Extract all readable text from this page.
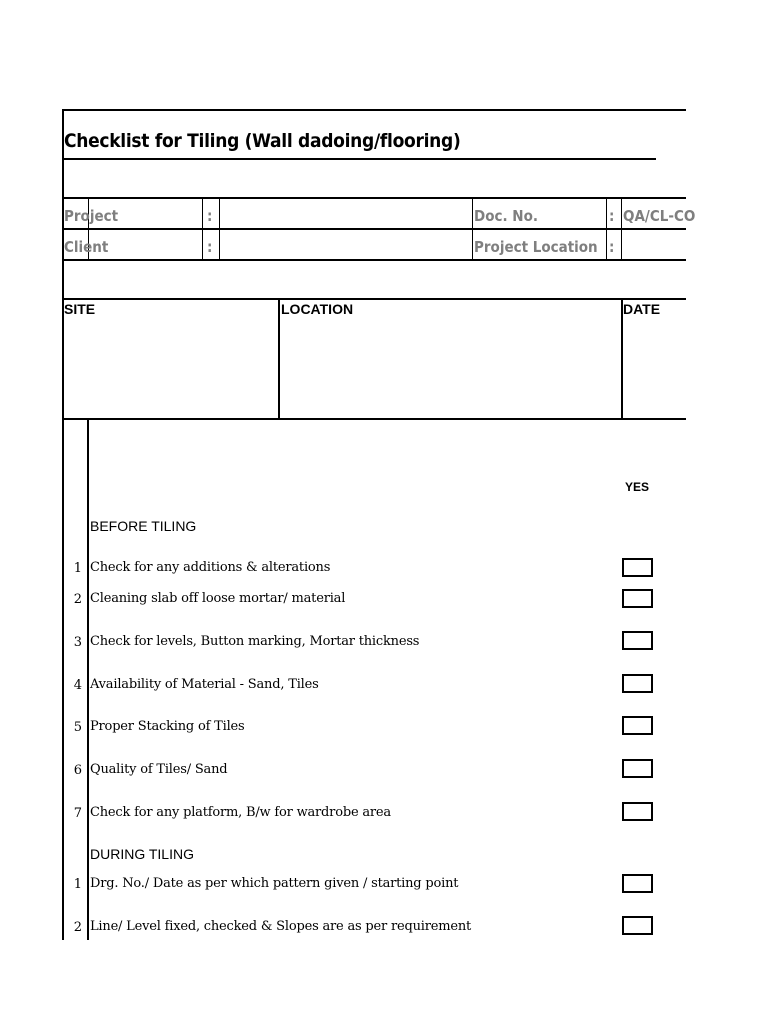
Checklist for Tiling (Wall dadoing/flooring)
Project	:	Doc. No.	: QA/CL-CO
Client	:	Project Location :
SITE	LOCATION	DATE
YES
BEFORE TILING
1 Check for any additions & alterations
2 Cleaning slab off loose mortar/ material
3 Check for levels, Button marking, Mortar thickness
4 Availability of Material - Sand, Tiles
5 Proper Stacking of Tiles
6 Quality of Tiles/ Sand
7 Check for any platform, B/w for wardrobe area
DURING TILING
1 Drg. No./ Date as per which pattern given / starting point
2 Line/ Level fixed, checked & Slopes are as per requirement
